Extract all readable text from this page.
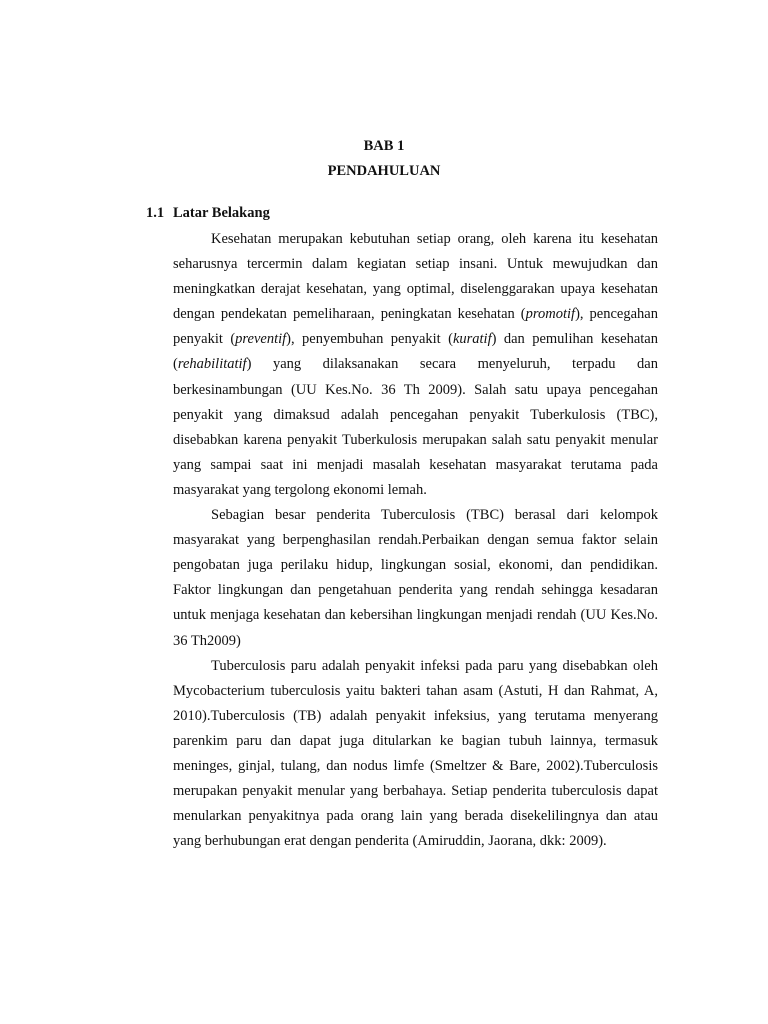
BAB 1
PENDAHULUAN
1.1 Latar Belakang

Kesehatan merupakan kebutuhan setiap orang, oleh karena itu kesehatan seharusnya tercermin dalam kegiatan setiap insani. Untuk mewujudkan dan meningkatkan derajat kesehatan, yang optimal, diselenggarakan upaya kesehatan dengan pendekatan pemeliharaan, peningkatan kesehatan (promotif), pencegahan penyakit (preventif), penyembuhan penyakit (kuratif) dan pemulihan kesehatan (rehabilitatif) yang dilaksanakan secara menyeluruh, terpadu dan berkesinambungan (UU Kes.No. 36 Th 2009). Salah satu upaya pencegahan penyakit yang dimaksud adalah pencegahan penyakit Tuberkulosis (TBC), disebabkan karena penyakit Tuberkulosis merupakan salah satu penyakit menular yang sampai saat ini menjadi masalah kesehatan masyarakat terutama pada masyarakat yang tergolong ekonomi lemah.

Sebagian besar penderita Tuberculosis (TBC) berasal dari kelompok masyarakat yang berpenghasilan rendah.Perbaikan dengan semua faktor selain pengobatan juga perilaku hidup, lingkungan sosial, ekonomi, dan pendidikan. Faktor lingkungan dan pengetahuan penderita yang rendah sehingga kesadaran untuk menjaga kesehatan dan kebersihan lingkungan menjadi rendah (UU Kes.No. 36 Th2009)

Tuberculosis paru adalah penyakit infeksi pada paru yang disebabkan oleh Mycobacterium tuberculosis yaitu bakteri tahan asam (Astuti, H dan Rahmat, A, 2010).Tuberculosis (TB) adalah penyakit infeksius, yang terutama menyerang parenkim paru dan dapat juga ditularkan ke bagian tubuh lainnya, termasuk meninges, ginjal, tulang, dan nodus limfe (Smeltzer & Bare, 2002).Tuberculosis merupakan penyakit menular yang berbahaya. Setiap penderita tuberculosis dapat menularkan penyakitnya pada orang lain yang berada disekelilingnya dan atau yang berhubungan erat dengan penderita (Amiruddin, Jaorana, dkk: 2009).
